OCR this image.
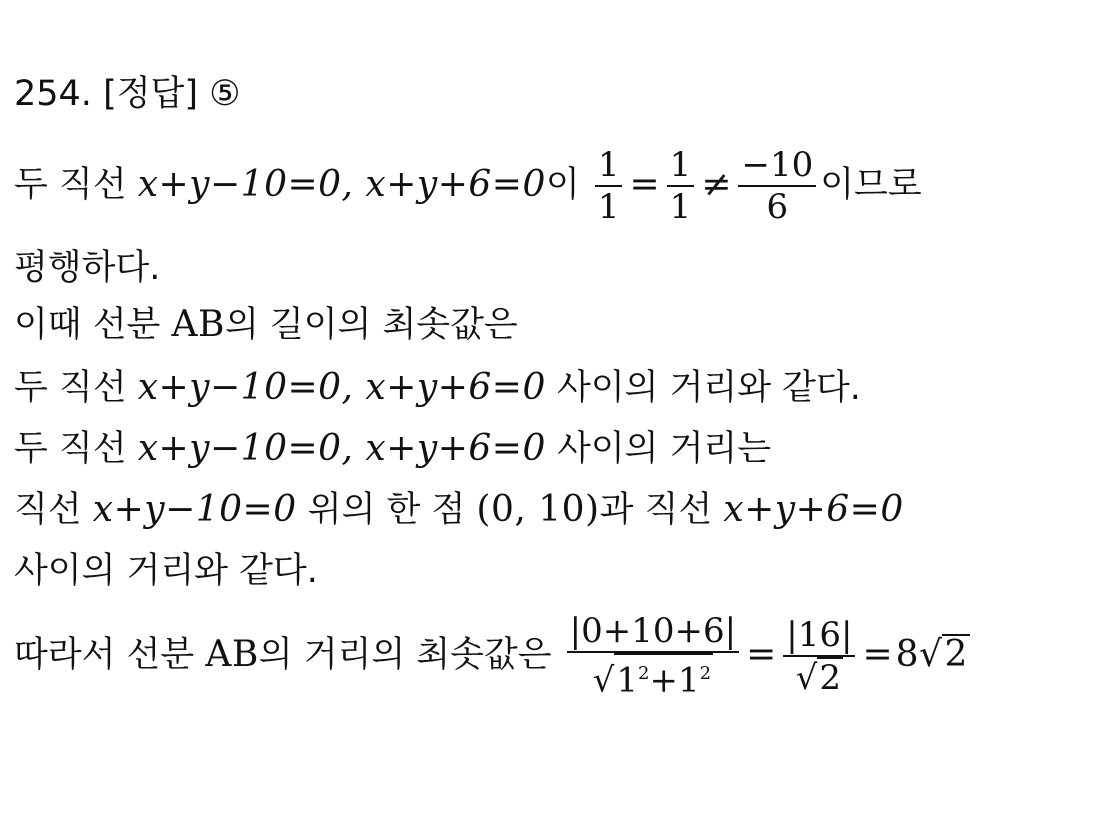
254. [정답] ⑤
두 직선 x+y−10=0, x+y+6=0이 $\frac{1}{1} = \frac{1}{1} \ne \frac{-10}{6}$ 이므로
평행하다.
이때 선분 AB의 길이의 최솟값은
두 직선 x+y−10=0, x+y+6=0 사이의 거리와 같다.
두 직선 x+y−10=0, x+y+6=0 사이의 거리는
직선 x+y−10=0 위의 한 점 (0, 10)과 직선 x+y+6=0
사이의 거리와 같다.
따라서 선분 AB의 거리의 최솟값은 $\frac{|0+10+6|}{√1^2+1^2} = \frac{|16|}{√2} =8√2$
